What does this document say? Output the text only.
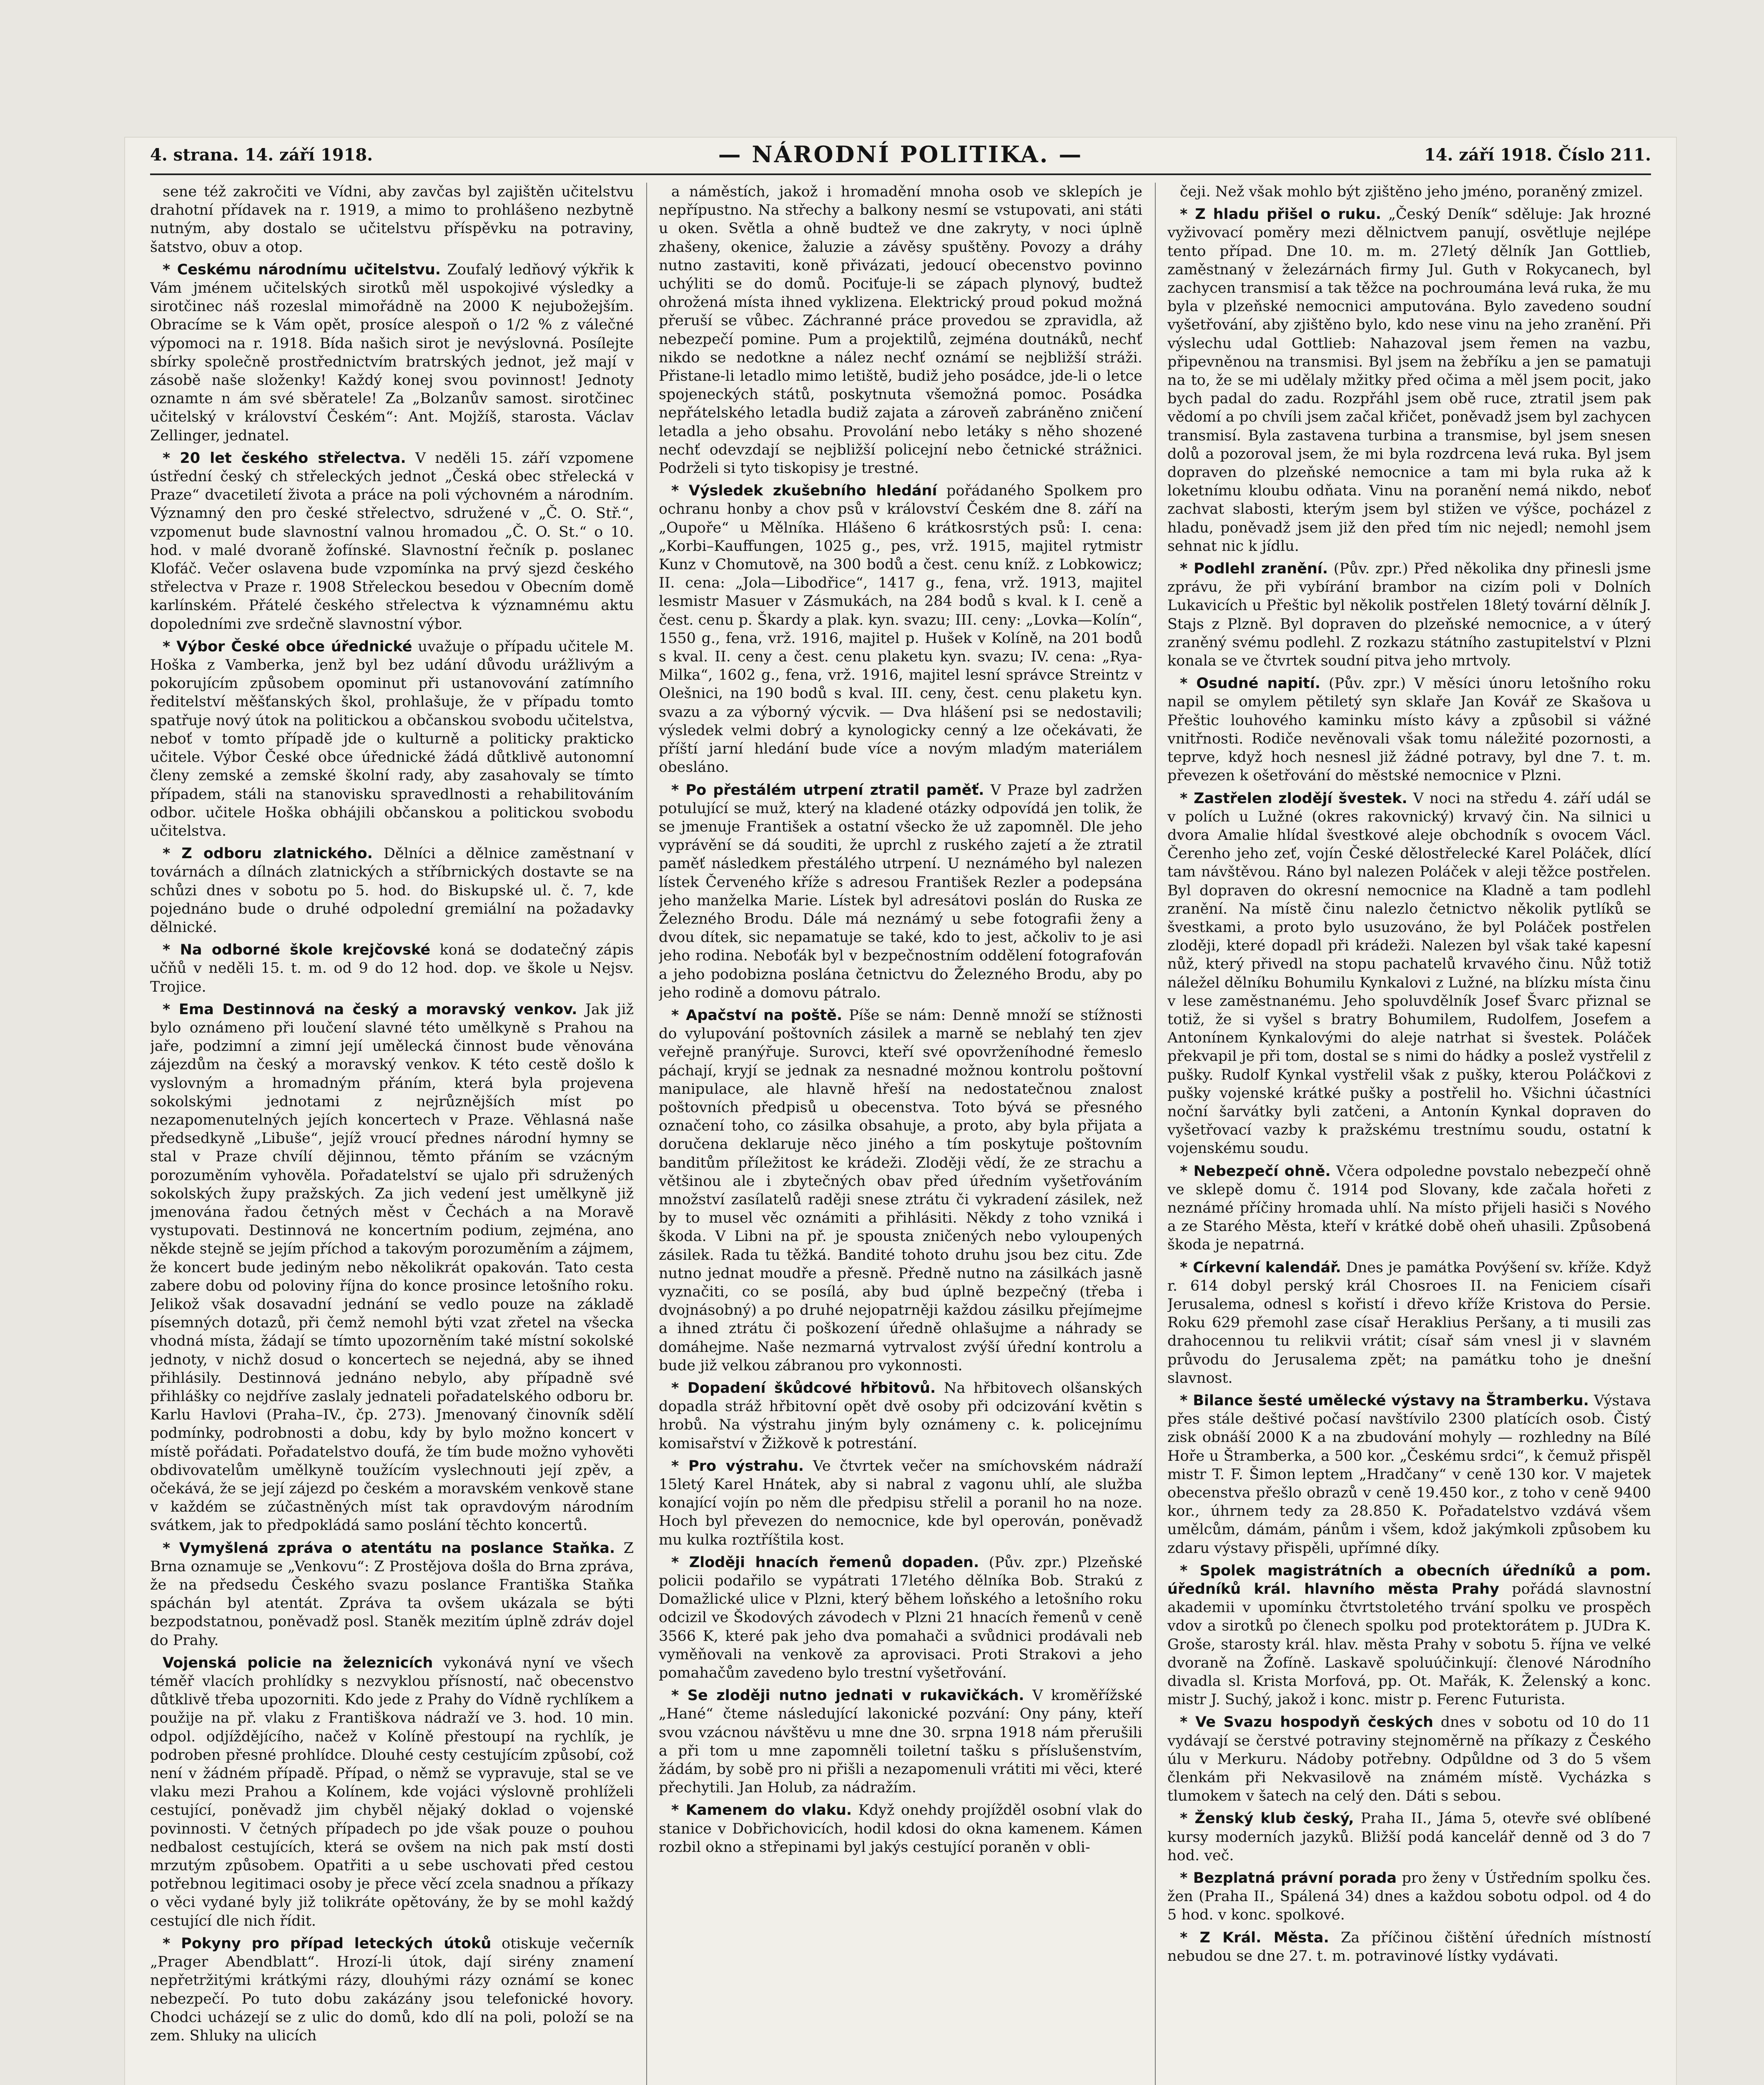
4. strana. 14. září 1918.	— NÁRODNÍ POLITIKA. —	14. září 1918. Číslo 211.

sene též zakročiti ve Vídni, aby zavčas byl zajištěn učitelstvu drahotní přídavek na r. 1919, a mimo to prohlášeno nezbytně nutným, aby dostalo se učitelstvu příspěvku na potraviny, šatstvo, obuv a otop.

* Ceskému národnímu učitelstvu. Zoufalý ledňový výkřik k Vám jménem učitelských sirotků měl uspokojivé výsledky a sirotčinec náš rozeslal mimořádně na 2000 K nejubožejším. Obracíme se k Vám opět, prosíce alespoň o 1/2 % z válečné výpomoci na r. 1918. Bída našich sirot je nevýslovná. Posílejte sbírky společně prostřednictvím bratrských jednot, jež mají v zásobě naše složenky! Každý konej svou povinnost! Jednoty oznamte n ám své sběratele! Za „Bolzanův samost. sirotčinec učitelský v království Českém“: Ant. Mojžíš, starosta. Václav Zellinger, jednatel.

* 20 let českého střelectva. V neděli 15. září vzpomene ústřední český ch střeleckých jednot „Česká obec střelecká v Praze“ dvacetiletí života a práce na poli výchovném a národním. Významný den pro české střelectvo, sdružené v „Č. O. Stř.“, vzpomenut bude slavnostní valnou hromadou „Č. O. St.“ o 10. hod. v malé dvoraně žofínské. Slavnostní řečník p. poslanec Klofáč. Večer oslavena bude vzpomínka na prvý sjezd českého střelectva v Praze r. 1908 Střeleckou besedou v Obecním domě karlínském. Přátelé českého střelectva k významnému aktu dopoledními zve srdečně slavnostní výbor.

* Výbor České obce úřednické uvažuje o případu učitele M. Hoška z Vamberka, jenž byl bez udání důvodu urážlivým a pokorujícím způsobem opominut při ustanovování zatímního ředitelství měšťanských škol, prohlašuje, že v případu tomto spatřuje nový útok na politickou a občanskou svobodu učitelstva, neboť v tomto případě jde o kulturně a politicky prakticko učitele. Výbor České obce úřednické žádá důtklivě autonomní členy zemské a zemské školní rady, aby zasahovaly se tímto případem, stáli na stanovisku spravedlnosti a rehabilitováním odbor. učitele Hoška obhájili občanskou a politickou svobodu učitelstva.

* Z odboru zlatnického. Dělníci a dělnice zaměstnaní v továrnách a dílnách zlatnických a stříbrnických dostavte se na schůzi dnes v sobotu po 5. hod. do Biskupské ul. č. 7, kde pojednáno bude o druhé odpolední gremiální na požadavky dělnické.

* Na odborné škole krejčovské koná se dodatečný zápis učňů v neděli 15. t. m. od 9 do 12 hod. dop. ve škole u Nejsv. Trojice.

* Ema Destinnová na český a moravský venkov. Jak již bylo oznámeno při loučení slavné této umělkyně s Prahou na jaře, podzimní a zimní její umělecká činnost bude věnována zájezdům na český a moravský venkov. K této cestě došlo k vyslovným a hromadným přáním, která byla projevena sokolskými jednotami z nejrůznějších míst po nezapomenutelných jejích koncertech v Praze. Věhlasná naše předsedkyně „Libuše“, jejíž vroucí přednes národní hymny se stal v Praze chvílí dějinnou, těmto přáním se vzácným porozuměním vyhověla. Pořadatelství se ujalo při sdružených sokolských župy pražských. Za jich vedení jest umělkyně již jmenována řadou četných měst v Čechách a na Moravě vystupovati. Destinnová ne koncertním podium, zejména, ano někde stejně se jejím příchod a takovým porozuměním a zájmem, že koncert bude jediným nebo několikrát opakován. Tato cesta zabere dobu od poloviny října do konce prosince letošního roku. Jelikož však dosavadní jednání se vedlo pouze na základě písemných dotazů, při čemž nemohl býti vzat zřetel na všecka vhodná místa, žádají se tímto upozorněním také místní sokolské jednoty, v nichž dosud o koncertech se nejedná, aby se ihned přihlásily. Destinnová jednáno nebylo, aby případně své přihlášky co nejdříve zaslaly jednateli pořadatelského odboru br. Karlu Havlovi (Praha–IV., čp. 273). Jmenovaný činovník sdělí podmínky, podrobnosti a dobu, kdy by bylo možno koncert v místě pořádati. Pořadatelstvo doufá, že tím bude možno vyhověti obdivovatelům umělkyně toužícím vyslechnouti její zpěv, a očekává, že se její zájezd po českém a moravském venkově stane v každém se zúčastněných míst tak opravdovým národním svátkem, jak to předpokládá samo poslání těchto koncertů.

* Vymyšlená zpráva o atentátu na poslance Staňka. Z Brna oznamuje se „Venkovu“: Z Prostějova došla do Brna zpráva, že na předsedu Českého svazu poslance Františka Staňka spáchán byl atentát. Zpráva ta ovšem ukázala se býti bezpodstatnou, poněvadž posl. Staněk mezitím úplně zdráv dojel do Prahy.

Vojenská policie na železnicích vykonává nyní ve všech téměř vlacích prohlídky s nezvyklou přísností, nač obecenstvo důtklivě třeba upozorniti. Kdo jede z Prahy do Vídně rychlíkem a použije na př. vlaku z Františkova nádraží ve 3. hod. 10 min. odpol. odjíždějícího, načež v Kolíně přestoupí na rychlík, je podroben přesné prohlídce. Dlouhé cesty cestujícím způsobí, což není v žádném případě. Případ, o němž se vypravuje, stal se ve vlaku mezi Prahou a Kolínem, kde vojáci výslovně prohlíželi cestující, poněvadž jim chyběl nějaký doklad o vojenské povinnosti. V četných případech po jde však pouze o pouhou nedbalost cestujících, která se ovšem na nich pak mstí dosti mrzutým způsobem. Opatřiti a u sebe uschovati před cestou potřebnou legitimaci osoby je přece věcí zcela snadnou a příkazy o věci vydané byly již tolikráte opětovány, že by se mohl každý cestující dle nich řídit.

* Pokyny pro případ leteckých útoků otiskuje večerník „Prager Abendblatt“. Hrozí-li útok, dají sirény znamení nepřetržitými krátkými rázy, dlouhými rázy oznámí se konec nebezpečí. Po tuto dobu zakázány jsou telefonické hovory. Chodci ucházejí se z ulic do domů, kdo dlí na poli, položí se na zem. Shluky na ulicích

a náměstích, jakož i hromadění mnoha osob ve sklepích je nepřípustno. Na střechy a balkony nesmí se vstupovati, ani státi u oken. Světla a ohně budtež ve dne zakryty, v noci úplně zhašeny, okenice, žaluzie a závěsy spuštěny. Povozy a dráhy nutno zastaviti, koně přivázati, jedoucí obecenstvo povinno uchýliti se do domů. Pociťuje-li se zápach plynový, budtež ohrožená místa ihned vyklizena. Elektrický proud pokud možná přeruší se vůbec. Záchranné práce provedou se zpravidla, až nebezpečí pomine. Pum a projektilů, zejména doutnáků, nechť nikdo se nedotkne a nález nechť oznámí se nejbližší stráži. Přistane-li letadlo mimo letiště, budiž jeho posádce, jde-li o letce spojeneckých států, poskytnuta všemožná pomoc. Posádka nepřátelského letadla budiž zajata a zároveň zabráněno zničení letadla a jeho obsahu. Provolání nebo letáky s něho shozené nechť odevzdají se nejbližší policejní nebo četnické strážnici. Podrželi si tyto tiskopisy je trestné.

* Výsledek zkušebního hledání pořádaného Spolkem pro ochranu honby a chov psů v království Českém dne 8. září na „Oupoře“ u Mělníka. Hlášeno 6 krátkosrstých psů: I. cena: „Korbi–Kauffungen, 1025 g., pes, vrž. 1915, majitel rytmistr Kunz v Chomutově, na 300 bodů a čest. cenu kníž. z Lobkowicz; II. cena: „Jola—Libodřice“, 1417 g., fena, vrž. 1913, majitel lesmistr Masuer v Zásmukách, na 284 bodů s kval. k I. ceně a čest. cenu p. Škardy a plak. kyn. svazu; III. ceny: „Lovka—Kolín“, 1550 g., fena, vrž. 1916, majitel p. Hušek v Kolíně, na 201 bodů s kval. II. ceny a čest. cenu plaketu kyn. svazu; IV. cena: „Rya-Milka“, 1602 g., fena, vrž. 1916, majitel lesní správce Streintz v Olešnici, na 190 bodů s kval. III. ceny, čest. cenu plaketu kyn. svazu a za výborný výcvik. — Dva hlášení psi se nedostavili; výsledek velmi dobrý a kynologicky cenný a lze očekávati, že příští jarní hledání bude více a novým mladým materiálem obesláno.

* Po přestálém utrpení ztratil paměť. V Praze byl zadržen potulující se muž, který na kladené otázky odpovídá jen tolik, že se jmenuje František a ostatní všecko že už zapomněl. Dle jeho vyprávění se dá souditi, že uprchl z ruského zajetí a že ztratil paměť následkem přestálého utrpení. U neznámého byl nalezen lístek Červeného kříže s adresou František Rezler a podepsána jeho manželka Marie. Lístek byl adresátovi poslán do Ruska ze Železného Brodu. Dále má neznámý u sebe fotografii ženy a dvou dítek, sic nepamatuje se také, kdo to jest, ačkoliv to je asi jeho rodina. Neboťák byl v bezpečnostním oddělení fotografován a jeho podobizna poslána četnictvu do Železného Brodu, aby po jeho rodině a domovu pátralo.

* Apačství na poště. Píše se nám: Denně množí se stížnosti do vylupování poštovních zásilek a marně se neblahý ten zjev veřejně pranýřuje. Surovci, kteří své opovrženíhodné řemeslo páchají, kryjí se jednak za nesnadné možnou kontrolu poštovní manipulace, ale hlavně hřeší na nedostatečnou znalost poštovních předpisů u obecenstva. Toto bývá se přesného označení toho, co zásilka obsahuje, a proto, aby byla přijata a doručena deklaruje něco jiného a tím poskytuje poštovním banditům příležitost ke krádeži. Zloději vědí, že ze strachu a většinou ale i zbytečných obav před úředním vyšetřováním množství zasílatelů raději snese ztrátu či vykradení zásilek, než by to musel věc oznámiti a přihlásiti. Někdy z toho vzniká i škoda. V Libni na př. je spousta zničených nebo vyloupených zásilek. Rada tu těžká. Bandité tohoto druhu jsou bez citu. Zde nutno jednat moudře a přesně. Předně nutno na zásilkách jasně vyznačiti, co se posílá, aby bud úplně bezpečný (třeba i dvojnásobný) a po druhé nejopatrněji každou zásilku přejímejme a ihned ztrátu či poškození úředně ohlašujme a náhrady se domáhejme. Naše nezmarná vytrvalost zvýší úřední kontrolu a bude již velkou zábranou pro vykonnosti.

* Dopadení škůdcové hřbitovů. Na hřbitovech olšanských dopadla stráž hřbitovní opět dvě osoby při odcizování květin s hrobů. Na výstrahu jiným byly oznámeny c. k. policejnímu komisařství v Žižkově k potrestání.

* Pro výstrahu. Ve čtvrtek večer na smíchovském nádraží 15letý Karel Hnátek, aby si nabral z vagonu uhlí, ale služba konající vojín po něm dle předpisu střelil a poranil ho na noze. Hoch byl převezen do nemocnice, kde byl operován, poněvadž mu kulka roztříštila kost.

* Zloději hnacích řemenů dopaden. (Pův. zpr.) Plzeňské policii podařilo se vypátrati 17letého dělníka Bob. Strakú z Domažlické ulice v Plzni, který během loňského a letošního roku odcizil ve Škodových závodech v Plzni 21 hnacích řemenů v ceně 3566 K, které pak jeho dva pomahači a svůdnici prodávali neb vyměňovali na venkově za aprovisaci. Proti Strakovi a jeho pomahačům zavedeno bylo trestní vyšetřování.

* Se zloději nutno jednati v rukavičkách. V kroměřížské „Hané“ čteme následující lakonické pozvání: Ony pány, kteří svou vzácnou návštěvu u mne dne 30. srpna 1918 nám přerušili a při tom u mne zapomněli toiletní tašku s příslušenstvím, žádám, by sobě pro ni přišli a nezapomenuli vrátiti mi věci, které přechytili. Jan Holub, za nádražím.

* Kamenem do vlaku. Když onehdy projížděl osobní vlak do stanice v Dobřichovicích, hodil kdosi do okna kamenem. Kámen rozbil okno a střepinami byl jakýs cestující poraněn v obli-

čeji. Než však mohlo být zjištěno jeho jméno, poraněný zmizel.

* Z hladu přišel o ruku. „Český Deník“ sděluje: Jak hrozné vyživovací poměry mezi dělnictvem panují, osvětluje nejlépe tento případ. Dne 10. m. m. 27letý dělník Jan Gottlieb, zaměstnaný v železárnách firmy Jul. Guth v Rokycanech, byl zachycen transmisí a tak těžce na pochroumána levá ruka, že mu byla v plzeňské nemocnici amputována. Bylo zavedeno soudní vyšetřování, aby zjištěno bylo, kdo nese vinu na jeho zranění. Při výslechu udal Gottlieb: Nahazoval jsem řemen na vazbu, připevněnou na transmisi. Byl jsem na žebříku a jen se pamatuji na to, že se mi udělaly mžitky před očima a měl jsem pocit, jako bych padal do zadu. Rozpřáhl jsem obě ruce, ztratil jsem pak vědomí a po chvíli jsem začal křičet, poněvadž jsem byl zachycen transmisí. Byla zastavena turbina a transmise, byl jsem snesen dolů a pozoroval jsem, že mi byla rozdrcena levá ruka. Byl jsem dopraven do plzeňské nemocnice a tam mi byla ruka až k loketnímu kloubu odňata. Vinu na poranění nemá nikdo, neboť zachvat slabosti, kterým jsem byl stižen ve výšce, pocházel z hladu, poněvadž jsem již den před tím nic nejedl; nemohl jsem sehnat nic k jídlu.

* Podlehl zranění. (Pův. zpr.) Před několika dny přinesli jsme zprávu, že při vybírání brambor na cizím poli v Dolních Lukavicích u Přeštic byl několik postřelen 18letý tovární dělník J. Stajs z Plzně. Byl dopraven do plzeňské nemocnice, a v úterý zraněný svému podlehl. Z rozkazu státního zastupitelství v Plzni konala se ve čtvrtek soudní pitva jeho mrtvoly.

* Osudné napití. (Pův. zpr.) V měsíci únoru letošního roku napil se omylem pětiletý syn sklaře Jan Kovář ze Skašova u Přeštic louhového kaminku místo kávy a způsobil si vážné vnitřnosti. Rodiče nevěnovali však tomu náležité pozornosti, a teprve, když hoch nesnesl již žádné potravy, byl dne 7. t. m. převezen k ošetřování do městské nemocnice v Plzni.

* Zastřelen zlodějí švestek. V noci na středu 4. září udál se v polích u Lužné (okres rakovnický) krvavý čin. Na silnici u dvora Amalie hlídal švestkové aleje obchodník s ovocem Václ. Čerenho jeho zeť, vojín České dělostřelecké Karel Poláček, dlící tam návštěvou. Ráno byl nalezen Poláček v aleji těžce postřelen. Byl dopraven do okresní nemocnice na Kladně a tam podlehl zranění. Na místě činu nalezlo četnictvo několik pytlíků se švestkami, a proto bylo usuzováno, že byl Poláček postřelen zloději, které dopadl při krádeži. Nalezen byl však také kapesní nůž, který přivedl na stopu pachatelů krvavého činu. Nůž totiž náležel dělníku Bohumilu Kynkalovi z Lužné, na blízku místa činu v lese zaměstnanému. Jeho spoluvdělník Josef Švarc přiznal se totiž, že si vyšel s bratry Bohumilem, Rudolfem, Josefem a Antonínem Kynkalovými do aleje natrhat si švestek. Poláček překvapil je při tom, dostal se s nimi do hádky a poslež vystřelil z pušky. Rudolf Kynkal vystřelil však z pušky, kterou Poláčkovi z pušky vojenské krátké pušky a postřelil ho. Všichni účastníci noční šarvátky byli zatčeni, a Antonín Kynkal dopraven do vyšetřovací vazby k pražskému trestnímu soudu, ostatní k vojenskému soudu.

* Nebezpečí ohně. Včera odpoledne povstalo nebezpečí ohně ve sklepě domu č. 1914 pod Slovany, kde začala hořeti z neznámé příčiny hromada uhlí. Na místo přijeli hasiči s Nového a ze Starého Města, kteří v krátké době oheň uhasili. Způsobená škoda je nepatrná.

* Církevní kalendář. Dnes je památka Povýšení sv. kříže. Když r. 614 dobyl perský král Chosroes II. na Feniciem císaři Jerusalema, odnesl s kořistí i dřevo kříže Kristova do Persie. Roku 629 přemohl zase císař Heraklius Peršany, a ti musili zas drahocennou tu relikvii vrátit; císař sám vnesl ji v slavném průvodu do Jerusalema zpět; na památku toho je dnešní slavnost.

* Bilance šesté umělecké výstavy na Štramberku. Výstava přes stále deštivé počasí navštívilo 2300 platících osob. Čistý zisk obnáší 2000 K a na zbudování mohyly — rozhledny na Bílé Hoře u Štramberka, a 500 kor. „Českému srdci“, k čemuž přispěl mistr T. F. Šimon leptem „Hradčany“ v ceně 130 kor. V majetek obecenstva přešlo obrazů v ceně 19.450 kor., z toho v ceně 9400 kor., úhrnem tedy za 28.850 K. Pořadatelstvo vzdává všem umělcům, dámám, pánům i všem, kdož jakýmkoli způsobem ku zdaru výstavy přispěli, upřímné díky.

* Spolek magistrátních a obecních úředníků a pom. úředníků král. hlavního města Prahy pořádá slavnostní akademii v upomínku čtvrtstoletého trvání spolku ve prospěch vdov a sirotků po členech spolku pod protektorátem p. JUDra K. Groše, starosty král. hlav. města Prahy v sobotu 5. října ve velké dvoraně na Žofíně. Laskavě spoluúčinkují: členové Národního divadla sl. Krista Morfová, pp. Ot. Mařák, K. Želenský a konc. mistr J. Suchý, jakož i konc. mistr p. Ferenc Futurista.

* Ve Svazu hospodyň českých dnes v sobotu od 10 do 11 vydávají se čerstvé potraviny stejnoměrně na příkazy z Českého úlu v Merkuru. Nádoby potřebny. Odpůldne od 3 do 5 všem členkám při Nekvasilově na známém místě. Vycházka s tlumokem v šatech na celý den. Dáti s sebou.

* Ženský klub český, Praha II., Jámа 5, otevře své oblíbené kursy moderních jazyků. Bližší podá kancelář denně od 3 do 7 hod. več.

* Bezplatná právní porada pro ženy v Ústředním spolku čes. žen (Praha II., Spálená 34) dnes a každou sobotu odpol. od 4 do 5 hod. v konc. spolkové.

* Z Král. Města. Za příčinou čištění úředních místností nebudou se dne 27. t. m. potravinové lístky vydávati.
